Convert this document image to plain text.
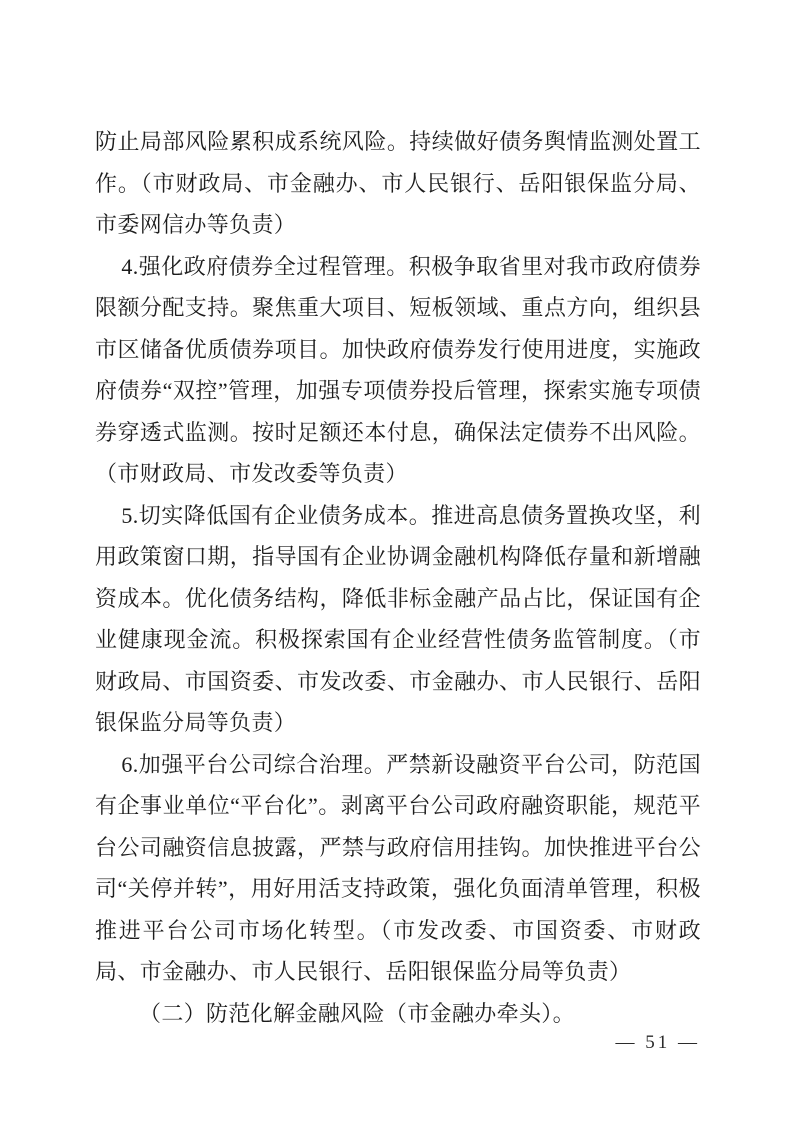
防止局部风险累积成系统风险。持续做好债务舆情监测处置工作。（市财政局、市金融办、市人民银行、岳阳银保监分局、市委网信办等负责）

4.强化政府债券全过程管理。积极争取省里对我市政府债券限额分配支持。聚焦重大项目、短板领域、重点方向，组织县市区储备优质债券项目。加快政府债券发行使用进度，实施政府债券“双控”管理，加强专项债券投后管理，探索实施专项债券穿透式监测。按时足额还本付息，确保法定债券不出风险。（市财政局、市发改委等负责）

5.切实降低国有企业债务成本。推进高息债务置换攻坚，利用政策窗口期，指导国有企业协调金融机构降低存量和新增融资成本。优化债务结构，降低非标金融产品占比，保证国有企业健康现金流。积极探索国有企业经营性债务监管制度。（市财政局、市国资委、市发改委、市金融办、市人民银行、岳阳银保监分局等负责）

6.加强平台公司综合治理。严禁新设融资平台公司，防范国有企事业单位“平台化”。剥离平台公司政府融资职能，规范平台公司融资信息披露，严禁与政府信用挂钩。加快推进平台公司“关停并转”，用好用活支持政策，强化负面清单管理，积极推进平台公司市场化转型。（市发改委、市国资委、市财政局、市金融办、市人民银行、岳阳银保监分局等负责）

（二）防范化解金融风险（市金融办牵头）。

— 51 —
